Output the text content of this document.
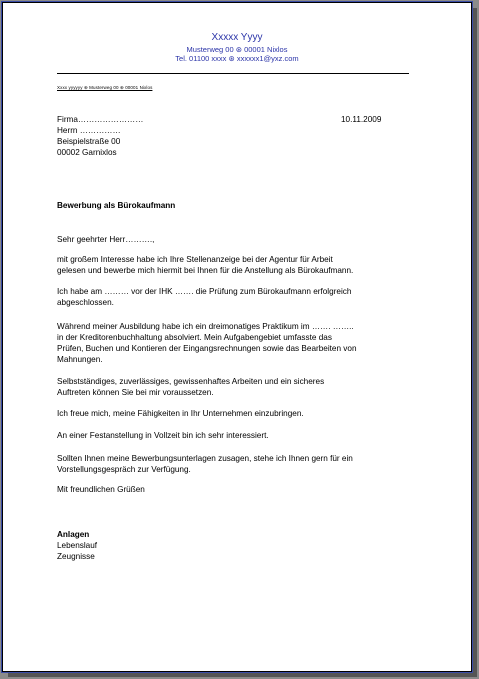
Xxxxx Yyyy
Musterweg 00 ⊛ 00001 Nixlos
Tel. 01100 xxxx ⊛ xxxxxx1@yxz.com
Xxxx yyyyyy ⊛ Musterweg 00 ⊛ 00001 Nixlos
Firma……………………	10.11.2009
Herrn ……………
Beispielstraße 00
00002 Garnixlos
Bewerbung als Bürokaufmann
Sehr geehrter Herr……….,
mit großem Interesse habe ich Ihre Stellenanzeige bei der Agentur für Arbeit
gelesen und bewerbe mich hiermit bei Ihnen für die Anstellung als Bürokaufmann.
Ich habe am ……… vor der IHK ……. die Prüfung zum Bürokaufmann erfolgreich
abgeschlossen.
Während meiner Ausbildung habe ich ein dreimonatiges Praktikum im ……. ……..
in der Kreditorenbuchhaltung absolviert. Mein Aufgabengebiet umfasste das
Prüfen, Buchen und Kontieren der Eingangsrechnungen sowie das Bearbeiten von
Mahnungen.
Selbstständiges, zuverlässiges, gewissenhaftes Arbeiten und ein sicheres
Auftreten können Sie bei mir voraussetzen.
Ich freue mich, meine Fähigkeiten in Ihr Unternehmen einzubringen.
An einer Festanstellung in Vollzeit bin ich sehr interessiert.
Sollten Ihnen meine Bewerbungsunterlagen zusagen, stehe ich Ihnen gern für ein
Vorstellungsgespräch zur Verfügung.
Mit freundlichen Grüßen
Anlagen
Lebenslauf
Zeugnisse
